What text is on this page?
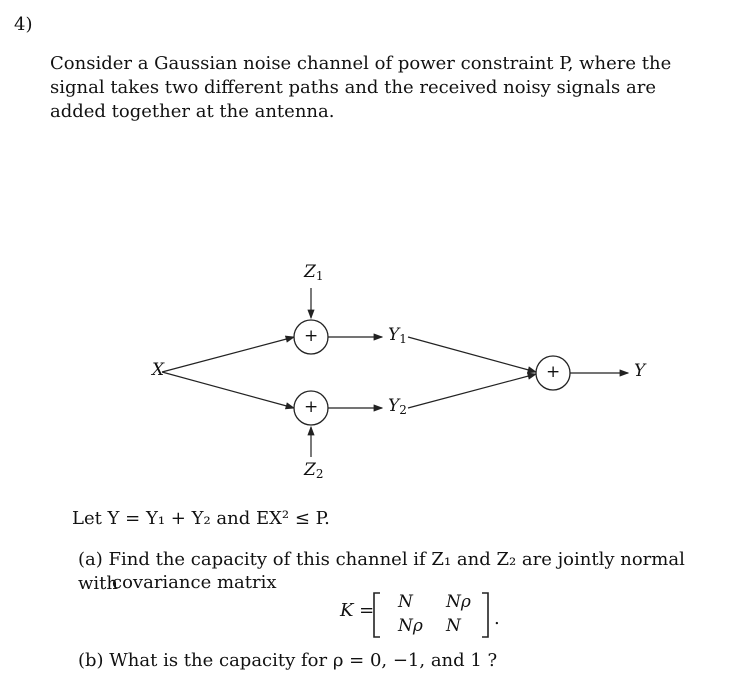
4)
Consider a Gaussian noise channel of power constraint P, where the signal takes two different paths and the received noisy signals are added together at the antenna.
+
+
+
X
$Z_1$
$Z_2$
$Y_1$
$Y_2$
Y
Let Y = Y₁ + Y₂ and EX² ≤ P.
(a) Find the capacity of this channel if Z₁ and Z₂ are jointly normal with
covariance matrix
K = N Nρ
Nρ N .
(b) What is the capacity for ρ = 0, −1, and 1 ?
